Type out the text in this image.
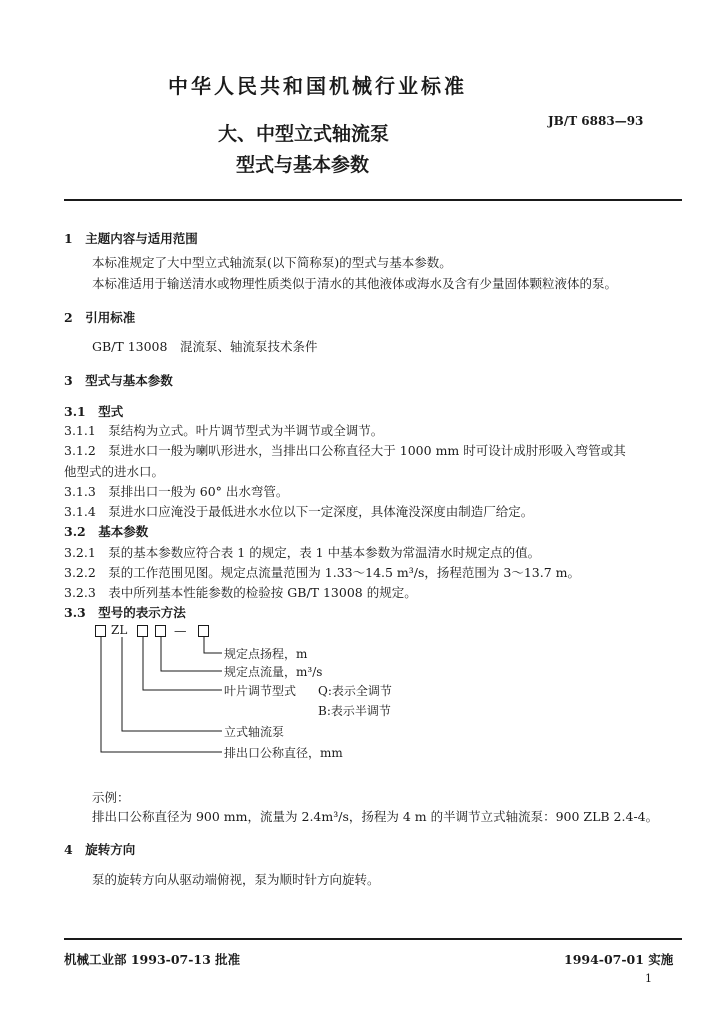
中华人民共和国机械行业标准
JB/T 6883—93
大、中型立式轴流泵
型式与基本参数
1　主题内容与适用范围
本标准规定了大中型立式轴流泵(以下简称泵)的型式与基本参数。
本标准适用于输送清水或物理性质类似于清水的其他液体或海水及含有少量固体颗粒液体的泵。
2　引用标准
GB/T 13008　混流泵、轴流泵技术条件
3　型式与基本参数
3.1　型式
3.1.1　泵结构为立式。叶片调节型式为半调节或全调节。
3.1.2　泵进水口一般为喇叭形进水，当排出口公称直径大于 1000 mm 时可设计成肘形吸入弯管或其
他型式的进水口。
3.1.3　泵排出口一般为 60° 出水弯管。
3.1.4　泵进水口应淹没于最低进水水位以下一定深度，具体淹没深度由制造厂给定。
3.2　基本参数
3.2.1　泵的基本参数应符合表 1 的规定，表 1 中基本参数为常温清水时规定点的值。
3.2.2　泵的工作范围见图。规定点流量范围为 1.33～14.5 m³/s，扬程范围为 3～13.7 m。
3.2.3　表中所列基本性能参数的检验按 GB/T 13008 的规定。
3.3　型号的表示方法
ZL	—
规定点扬程，m
规定点流量，m³/s
叶片调节型式 Q:表示全调节
B:表示半调节
立式轴流泵
排出口公称直径，mm
示例：
排出口公称直径为 900 mm，流量为 2.4m³/s，扬程为 4 m 的半调节立式轴流泵：900 ZLB 2.4-4。
4　旋转方向
泵的旋转方向从驱动端俯视，泵为顺时针方向旋转。
机械工业部 1993-07-13 批准	1994-07-01 实施
1
